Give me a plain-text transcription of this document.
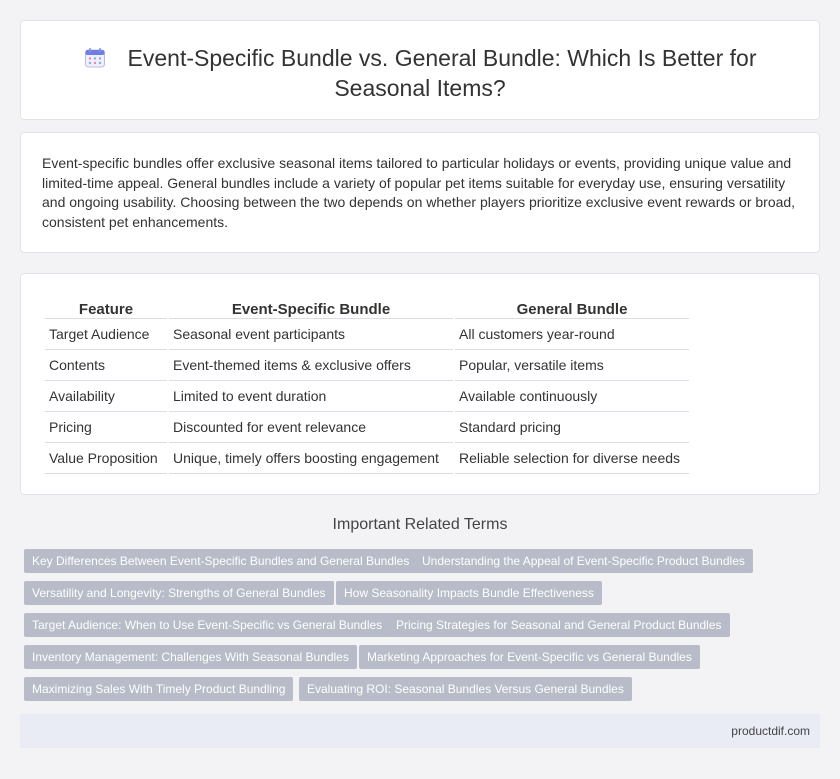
Event-Specific Bundle vs. General Bundle: Which Is Better for Seasonal Items?

Event-specific bundles offer exclusive seasonal items tailored to particular holidays or events, providing unique value and limited-time appeal. General bundles include a variety of popular pet items suitable for everyday use, ensuring versatility and ongoing usability. Choosing between the two depends on whether players prioritize exclusive event rewards or broad, consistent pet enhancements.

Feature	Event-Specific Bundle	General Bundle
Target Audience	Seasonal event participants	All customers year-round
Contents	Event-themed items & exclusive offers	Popular, versatile items
Availability	Limited to event duration	Available continuously
Pricing	Discounted for event relevance	Standard pricing
Value Proposition	Unique, timely offers boosting engagement	Reliable selection for diverse needs
Important Related Terms
Key Differences Between Event-Specific Bundles and General Bundles	Understanding the Appeal of Event-Specific Product Bundles
Versatility and Longevity: Strengths of General Bundles	How Seasonality Impacts Bundle Effectiveness
Target Audience: When to Use Event-Specific vs General Bundles	Pricing Strategies for Seasonal and General Product Bundles
Inventory Management: Challenges With Seasonal Bundles	Marketing Approaches for Event-Specific vs General Bundles
Maximizing Sales With Timely Product Bundling	Evaluating ROI: Seasonal Bundles Versus General Bundles
productdif.com
